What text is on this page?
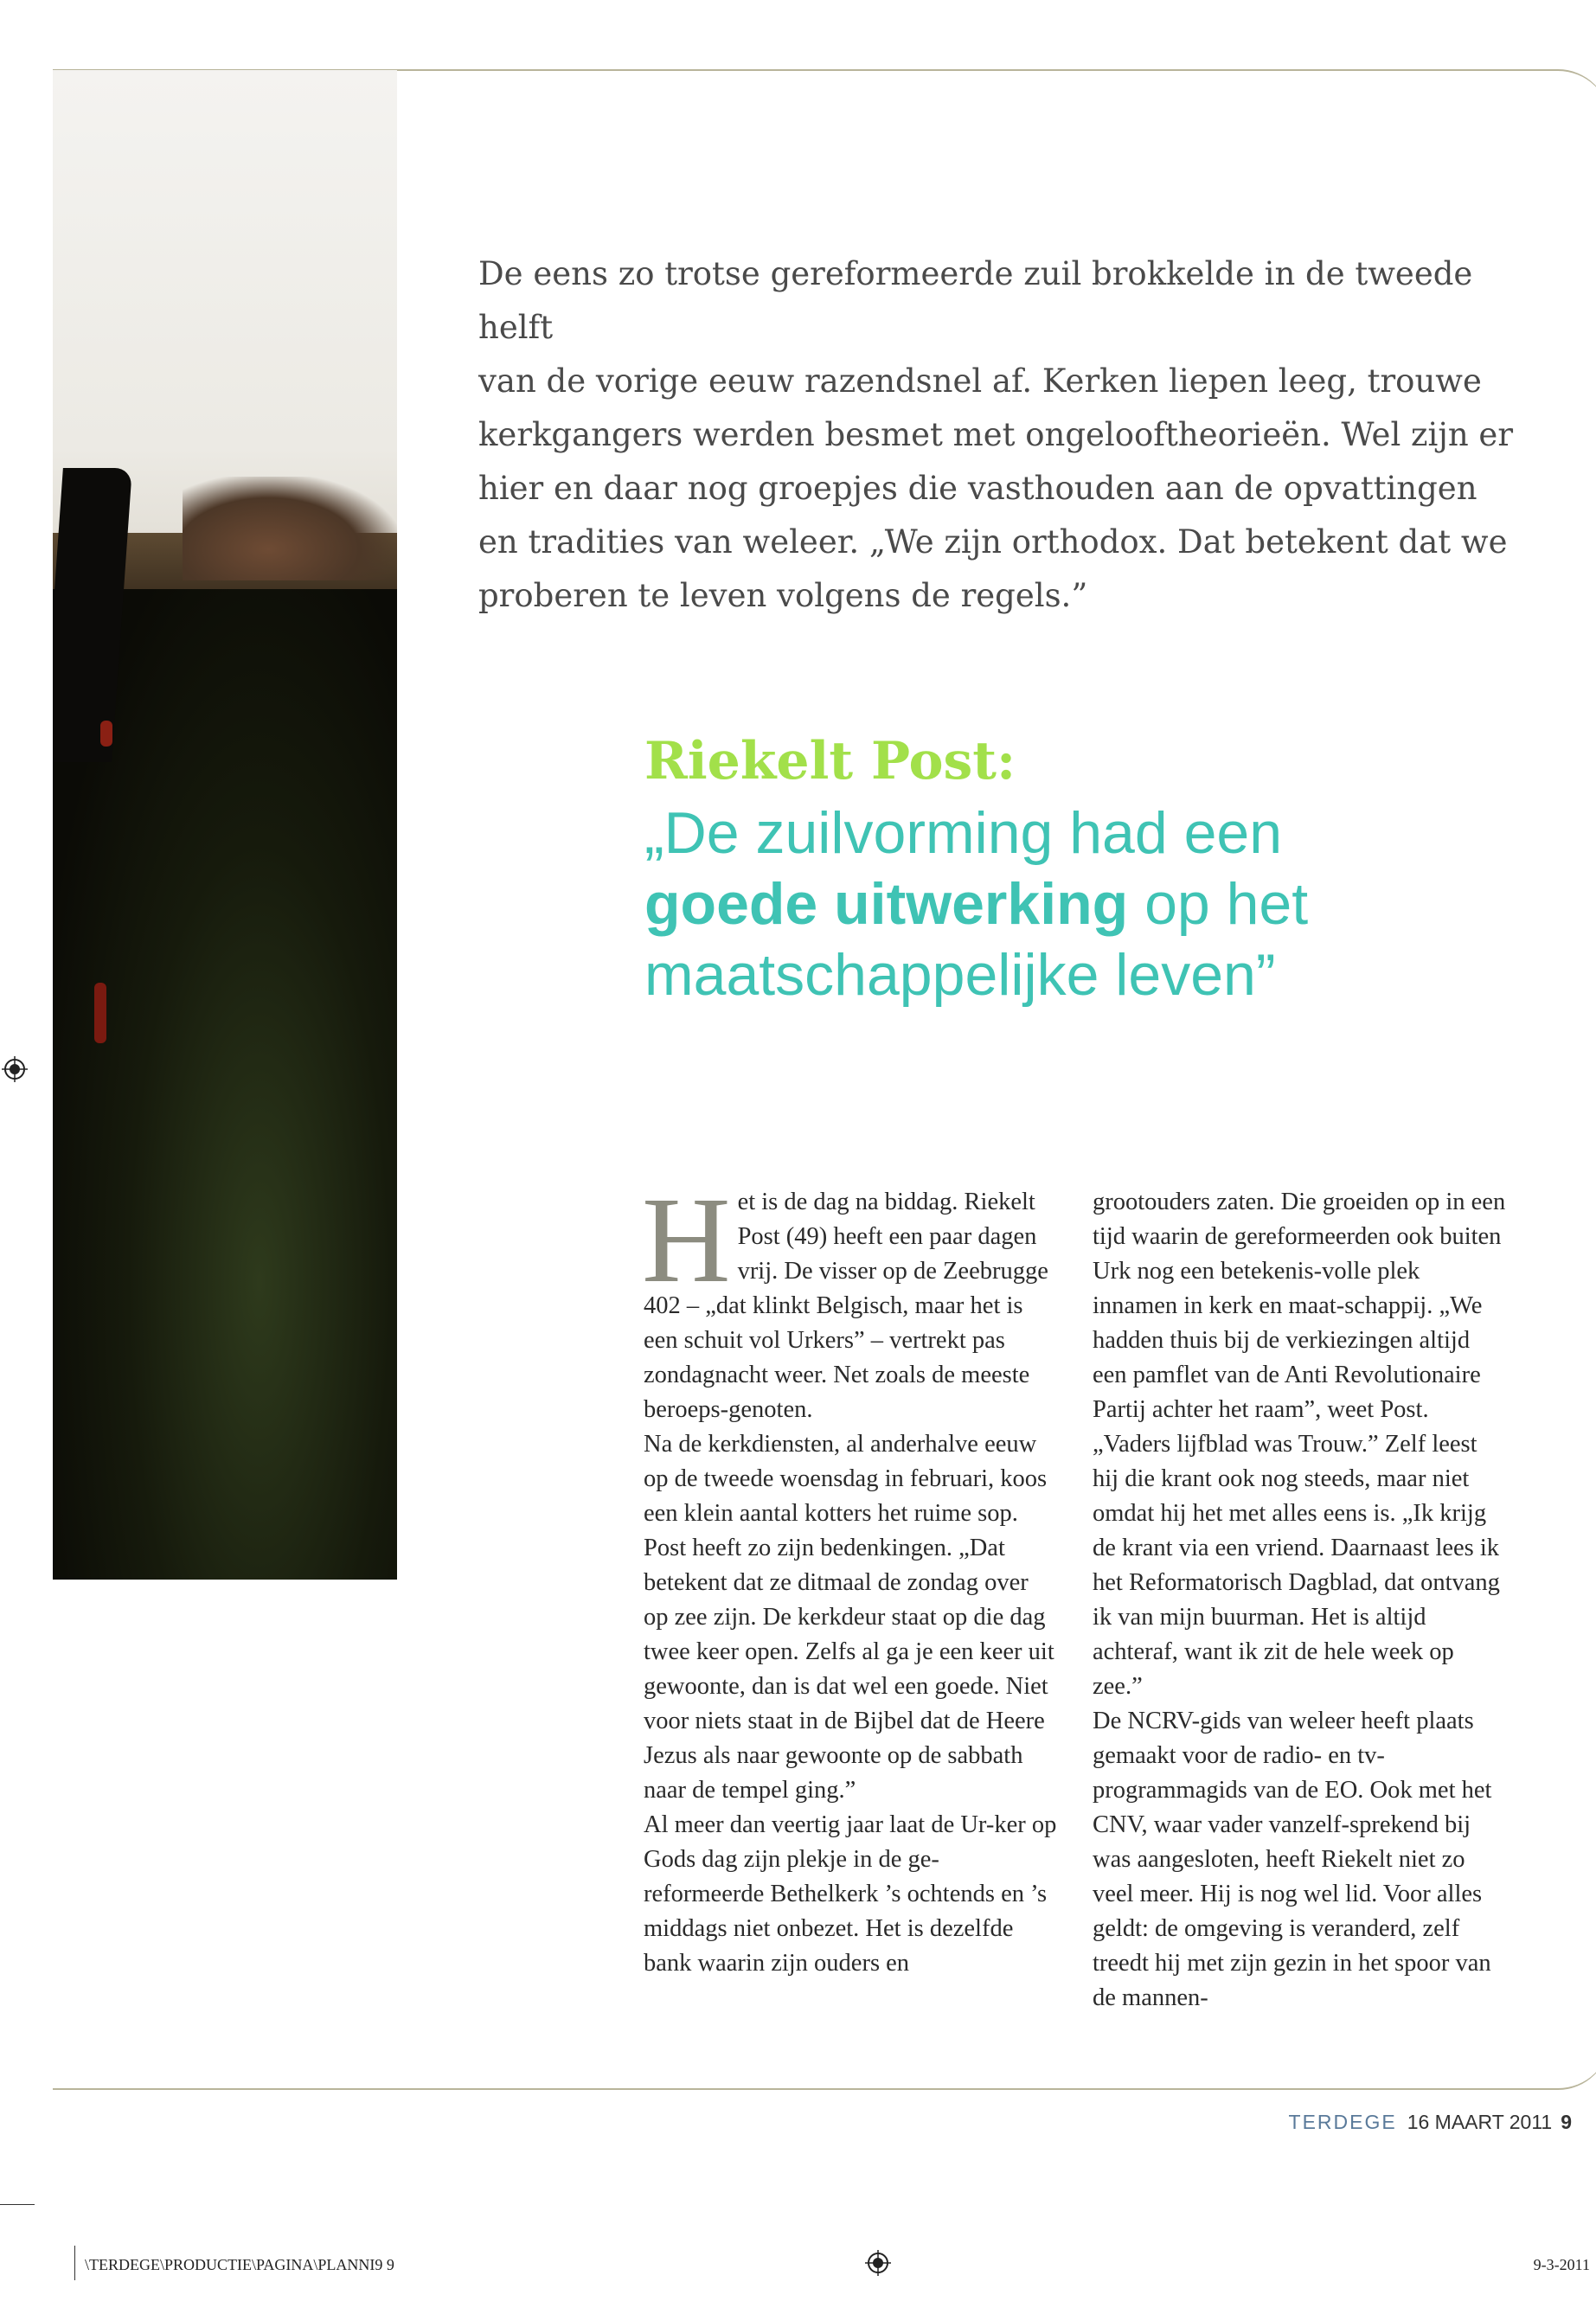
De eens zo trotse gereformeerde zuil brokkelde in de tweede helft
van de vorige eeuw razendsnel af. Kerken liepen leeg, trouwe
kerkgangers werden besmet met ongelooftheorieën. Wel zijn er
hier en daar nog groepjes die vasthouden aan de opvattingen
en tradities van weleer. „We zijn orthodox. Dat betekent dat we
proberen te leven volgens de regels.”

Riekelt Post:

„De zuilvorming had een
goede uitwerking op het
maatschappelijke leven”

Het is de dag na biddag. Riekelt Post (49) heeft een paar dagen vrij. De visser op de Zeebrugge 402 – „dat klinkt Belgisch, maar het is een schuit vol Urkers” – vertrekt pas zondagnacht weer. Net zoals de meeste beroeps-genoten.

Na de kerkdiensten, al anderhalve eeuw op de tweede woensdag in februari, koos een klein aantal kotters het ruime sop. Post heeft zo zijn bedenkingen. „Dat betekent dat ze ditmaal de zondag over op zee zijn. De kerkdeur staat op die dag twee keer open. Zelfs al ga je een keer uit gewoonte, dan is dat wel een goede. Niet voor niets staat in de Bijbel dat de Heere Jezus als naar gewoonte op de sabbath naar de tempel ging.”

Al meer dan veertig jaar laat de Ur-ker op Gods dag zijn plekje in de ge-reformeerde Bethelkerk ’s ochtends en ’s middags niet onbezet. Het is dezelfde bank waarin zijn ouders en

grootouders zaten. Die groeiden op in een tijd waarin de gereformeerden ook buiten Urk nog een betekenis-volle plek innamen in kerk en maat-schappij. „We hadden thuis bij de verkiezingen altijd een pamflet van de Anti Revolutionaire Partij achter het raam”, weet Post. „Vaders lijfblad was Trouw.” Zelf leest hij die krant ook nog steeds, maar niet omdat hij het met alles eens is. „Ik krijg de krant via een vriend. Daarnaast lees ik het Reformatorisch Dagblad, dat ontvang ik van mijn buurman. Het is altijd achteraf, want ik zit de hele week op zee.”

De NCRV-gids van weleer heeft plaats gemaakt voor de radio- en tv-programmagids van de EO. Ook met het CNV, waar vader vanzelf-sprekend bij was aangesloten, heeft Riekelt niet zo veel meer. Hij is nog wel lid. Voor alles geldt: de omgeving is veranderd, zelf treedt hij met zijn gezin in het spoor van de mannen-

TERDEGE 16 MAART 2011 9
\TERDEGE\PRODUCTIE\PAGINA\PLANNI9 9	9-3-2011
